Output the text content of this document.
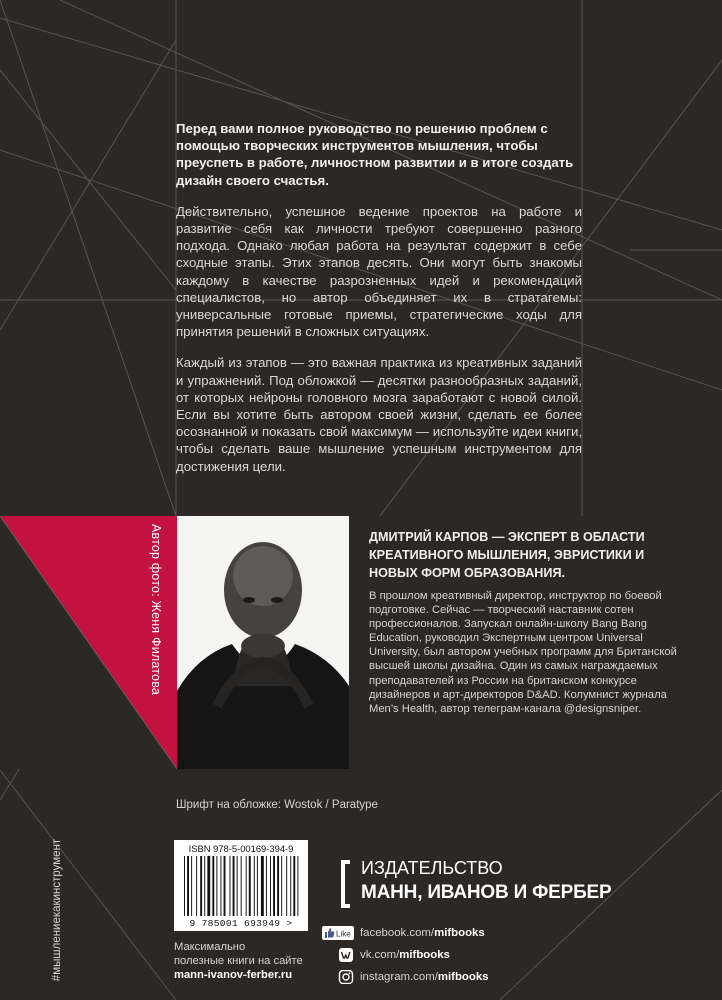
Перед вами полное руководство по решению проблем с помощью творческих инструментов мышления, чтобы преуспеть в работе, личностном развитии и в итоге создать дизайн своего счастья.

Действительно, успешное ведение проектов на работе и развитие себя как личности требуют совершенно разного подхода. Однако любая работа на результат содержит в себе сходные этапы. Этих этапов десять. Они могут быть знакомы каждому в качестве разрозненных идей и рекомендаций специалистов, но автор объединяет их в стратагемы: универсальные готовые приемы, стратегические ходы для принятия решений в сложных ситуациях.

Каждый из этапов — это важная практика из креативных заданий и упражнений. Под обложкой — десятки разнообразных заданий, от которых нейроны головного мозга заработают с новой силой. Если вы хотите быть автором своей жизни, сделать ее более осознанной и показать свой максимум — используйте идеи книги, чтобы сделать ваше мышление успешным инструментом для достижения цели.

Автор фото: Женя Филатова	ДМИТРИЙ КАРПОВ — ЭКСПЕРТ В ОБЛАСТИ КРЕАТИВНОГО МЫШЛЕНИЯ, ЭВРИСТИКИ И НОВЫХ ФОРМ ОБРАЗОВАНИЯ.
В прошлом креативный директор, инструктор по боевой подготовке. Сейчас — творческий наставник сотен профессионалов. Запускал онлайн-школу Bang Bang Education, руководил Экспертным центром Universal University, был автором учебных программ для Британской высшей школы дизайна. Один из самых награждаемых преподавателей из России на британском конкурсе дизайнеров и арт-директоров D&AD. Колумнист журнала Men’s Health, автор телеграм-канала @designsniper.
Шрифт на обложке: Wostok / Paratype
#мышлениекакинструмент	ISBN 978-5-00169-394-9
9 785001 693949 >
ИЗДАТЕЛЬСТВО
МАНН, ИВАНОВ И ФЕРБЕР
Максимально
полезные книги на сайте
mann-ivanov-ferber.ru
Like facebook.com/mifbooks
vk.com/mifbooks
instagram.com/mifbooks
